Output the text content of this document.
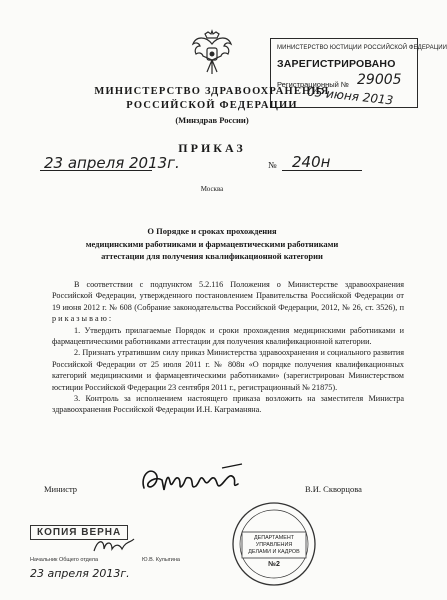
МИНИСТЕРСТВО ЮСТИЦИИ РОССИЙСКОЙ ФЕДЕРАЦИИ
ЗАРЕГИСТРИРОВАНО
Регистрационный № 29005
05 июня 2013
МИНИСТЕРСТВО ЗДРАВООХРАНЕНИЯ
РОССИЙСКОЙ ФЕДЕРАЦИИ
(Минздрав России)
ПРИКАЗ
23 апреля 2013г.	№ 240н
Москва
О Порядке и сроках прохождения
медицинскими работниками и фармацевтическими работниками
аттестации для получения квалификационной категории

В соответствии с подпунктом 5.2.116 Положения о Министерстве здравоохранения Российской Федерации, утвержденного постановлением Правительства Российской Федерации от 19 июня 2012 г. № 608 (Собрание законодательства Российской Федерации, 2012, № 26, ст. 3526), п р и к а з ы в а ю :

1. Утвердить прилагаемые Порядок и сроки прохождения медицинскими работниками и фармацевтическими работниками аттестации для получения квалификационной категории.

2. Признать утратившим силу приказ Министерства здравоохранения и социального развития Российской Федерации от 25 июля 2011 г. № 808н «О порядке получения квалификационных категорий медицинскими и фармацевтическими работниками» (зарегистрирован Министерством юстиции Российской Федерации 23 сентября 2011 г., регистрационный № 21875).

3. Контроль за исполнением настоящего приказа возложить на заместителя Министра здравоохранения Российской Федерации И.Н. Каграманяна.

Министр	В.И. Скворцова
КОПИЯ ВЕРНА
Начальник Общего отдела	Ю.В. Кулыгина
23 апреля 2013г.
ДЕПАРТАМЕНТ
УПРАВЛЕНИЯ
ДЕЛАМИ И КАДРОВ
№2
